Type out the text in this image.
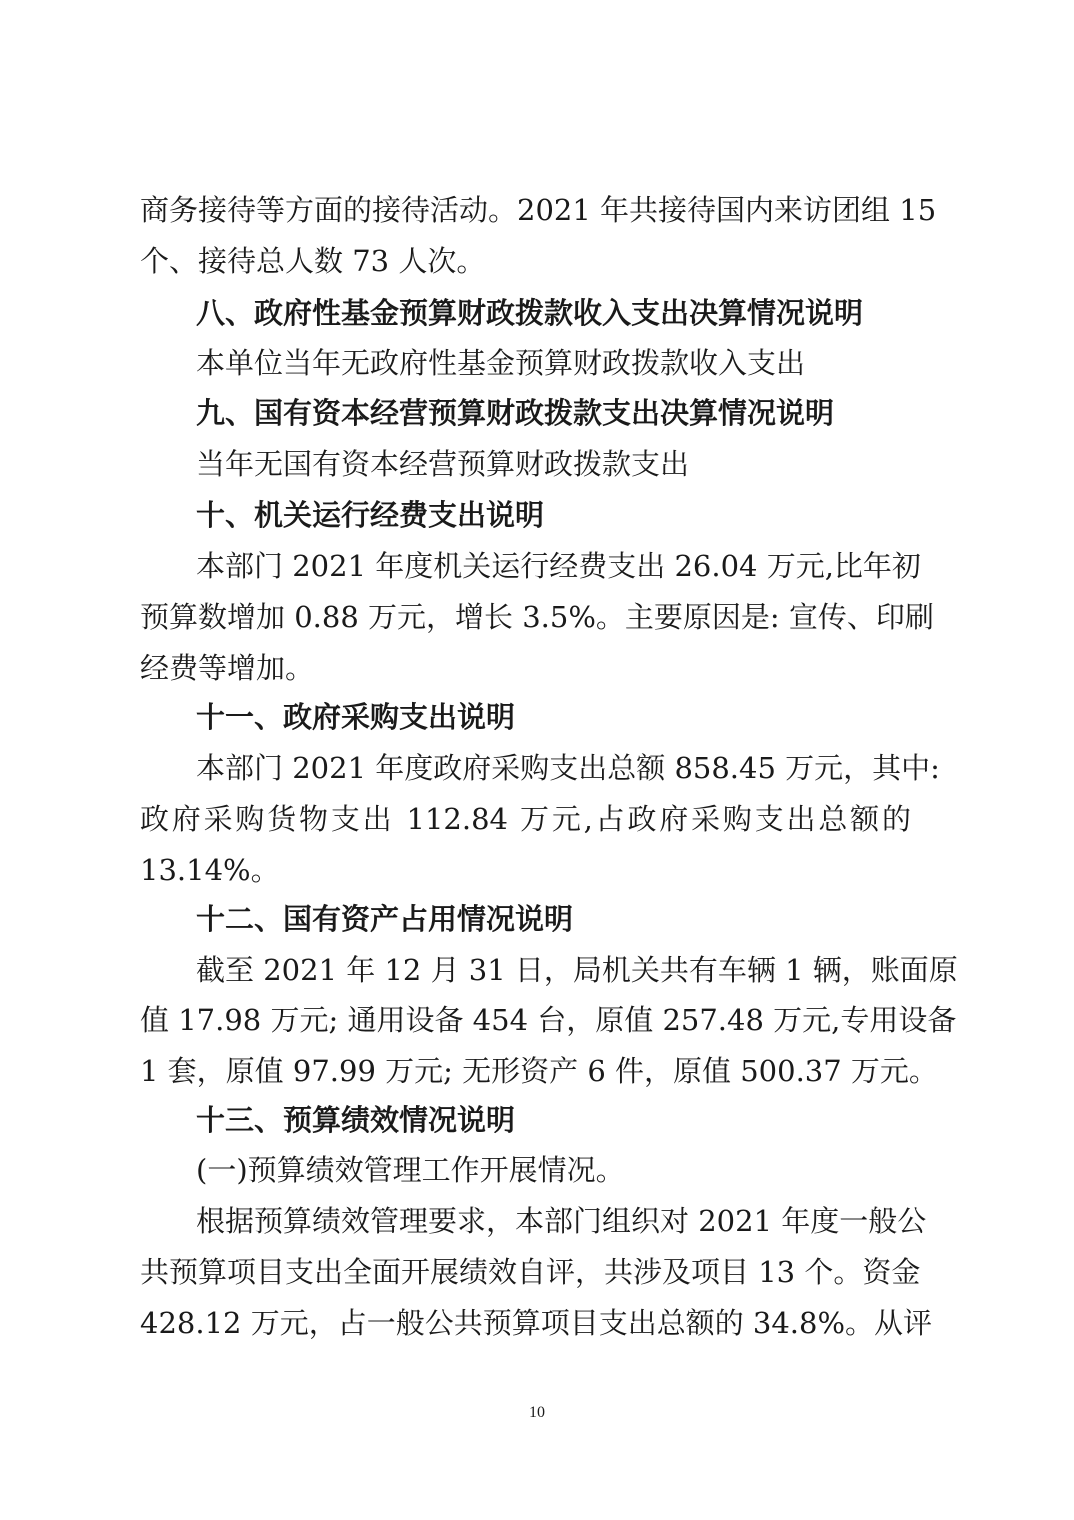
商务接待等方面的接待活动。2021 年共接待国内来访团组 15
个、接待总人数 73 人次。
八、政府性基金预算财政拨款收入支出决算情况说明
本单位当年无政府性基金预算财政拨款收入支出
九、国有资本经营预算财政拨款支出决算情况说明
当年无国有资本经营预算财政拨款支出
十、机关运行经费支出说明
本部门 2021 年度机关运行经费支出 26.04 万元,比年初
预算数增加 0.88 万元，增长 3.5%。主要原因是: 宣传、印刷
经费等增加。
十一、政府采购支出说明
本部门 2021 年度政府采购支出总额 858.45 万元，其中:
政府采购货物支出 112.84 万元,占政府采购支出总额的
13.14%。
十二、国有资产占用情况说明
截至 2021 年 12 月 31 日，局机关共有车辆 1 辆，账面原
值 17.98 万元; 通用设备 454 台，原值 257.48 万元,专用设备
1 套，原值 97.99 万元; 无形资产 6 件，原值 500.37 万元。
十三、预算绩效情况说明
(一)预算绩效管理工作开展情况。
根据预算绩效管理要求，本部门组织对 2021 年度一般公
共预算项目支出全面开展绩效自评，共涉及项目 13 个。资金
428.12 万元，占一般公共预算项目支出总额的 34.8%。从评
10
